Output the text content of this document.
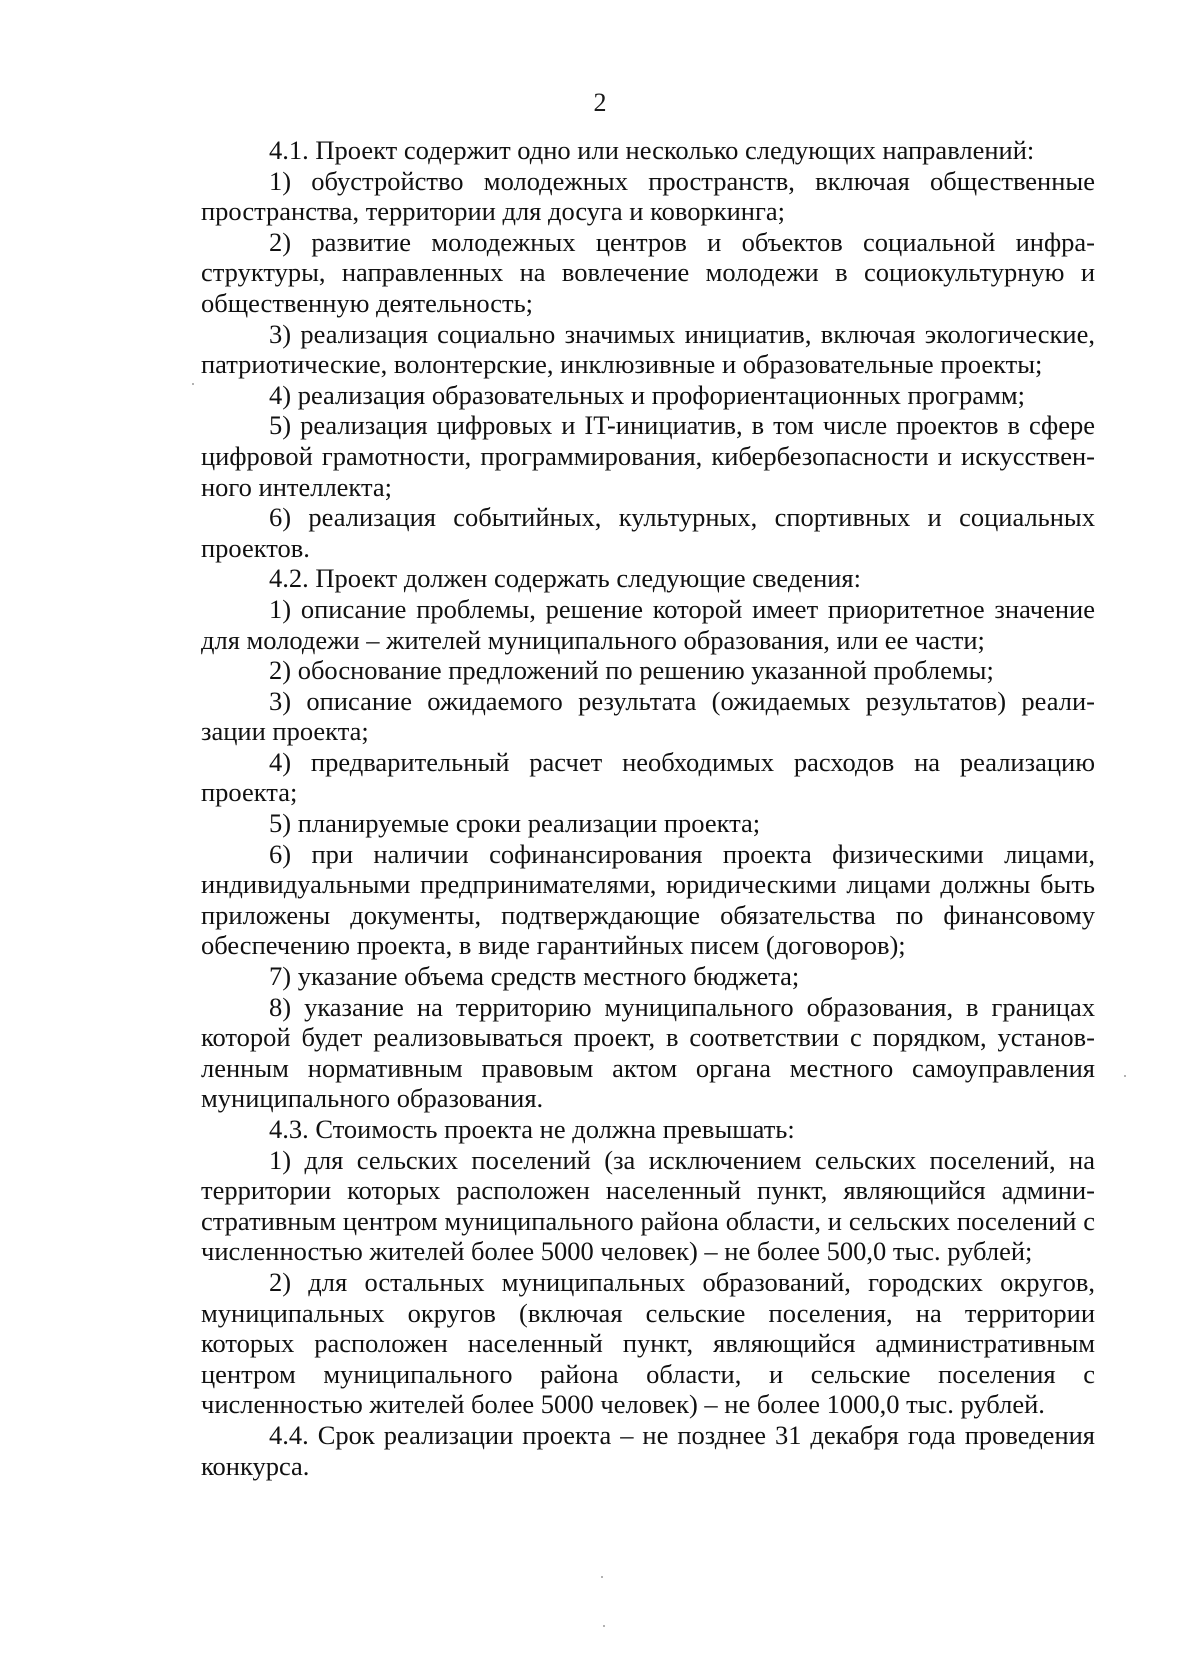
2

4.1. Проект содержит одно или несколько следующих направлений:

1) обустройство молодежных пространств, включая общественные пространства, территории для досуга и коворкинга;

2) развитие молодежных центров и объектов социальной инфраструктуры, направленных на вовлечение молодежи в социокультурную и общественную деятельность;

3) реализация социально значимых инициатив, включая экологические, патриотические, волонтерские, инклюзивные и образовательные проекты;

4) реализация образовательных и профориентационных программ;

5) реализация цифровых и IT-инициатив, в том числе проектов в сфере цифровой грамотности, программирования, кибербезопасности и искусственного интеллекта;

6) реализация событийных, культурных, спортивных и социальных проектов.

4.2. Проект должен содержать следующие сведения:

1) описание проблемы, решение которой имеет приоритетное значение для молодежи – жителей муниципального образования, или ее части;

2) обоснование предложений по решению указанной проблемы;

3) описание ожидаемого результата (ожидаемых результатов) реализации проекта;

4) предварительный расчет необходимых расходов на реализацию проекта;

5) планируемые сроки реализации проекта;

6) при наличии софинансирования проекта физическими лицами, индивидуальными предпринимателями, юридическими лицами должны быть приложены документы, подтверждающие обязательства по финансовому обеспечению проекта, в виде гарантийных писем (договоров);

7) указание объема средств местного бюджета;

8) указание на территорию муниципального образования, в границах которой будет реализовываться проект, в соответствии с порядком, установленным нормативным правовым актом органа местного самоуправления муниципального образования.

4.3. Стоимость проекта не должна превышать:

1) для сельских поселений (за исключением сельских поселений, на территории которых расположен населенный пункт, являющийся административным центром муниципального района области, и сельских поселений с численностью жителей более 5000 человек) – не более 500,0 тыс. рублей;

2) для остальных муниципальных образований, городских округов, муниципальных округов (включая сельские поселения, на территории которых расположен населенный пункт, являющийся административным центром муниципального района области, и сельские поселения с численностью жителей более 5000 человек) – не более 1000,0 тыс. рублей.

4.4. Срок реализации проекта – не позднее 31 декабря года проведения конкурса.
